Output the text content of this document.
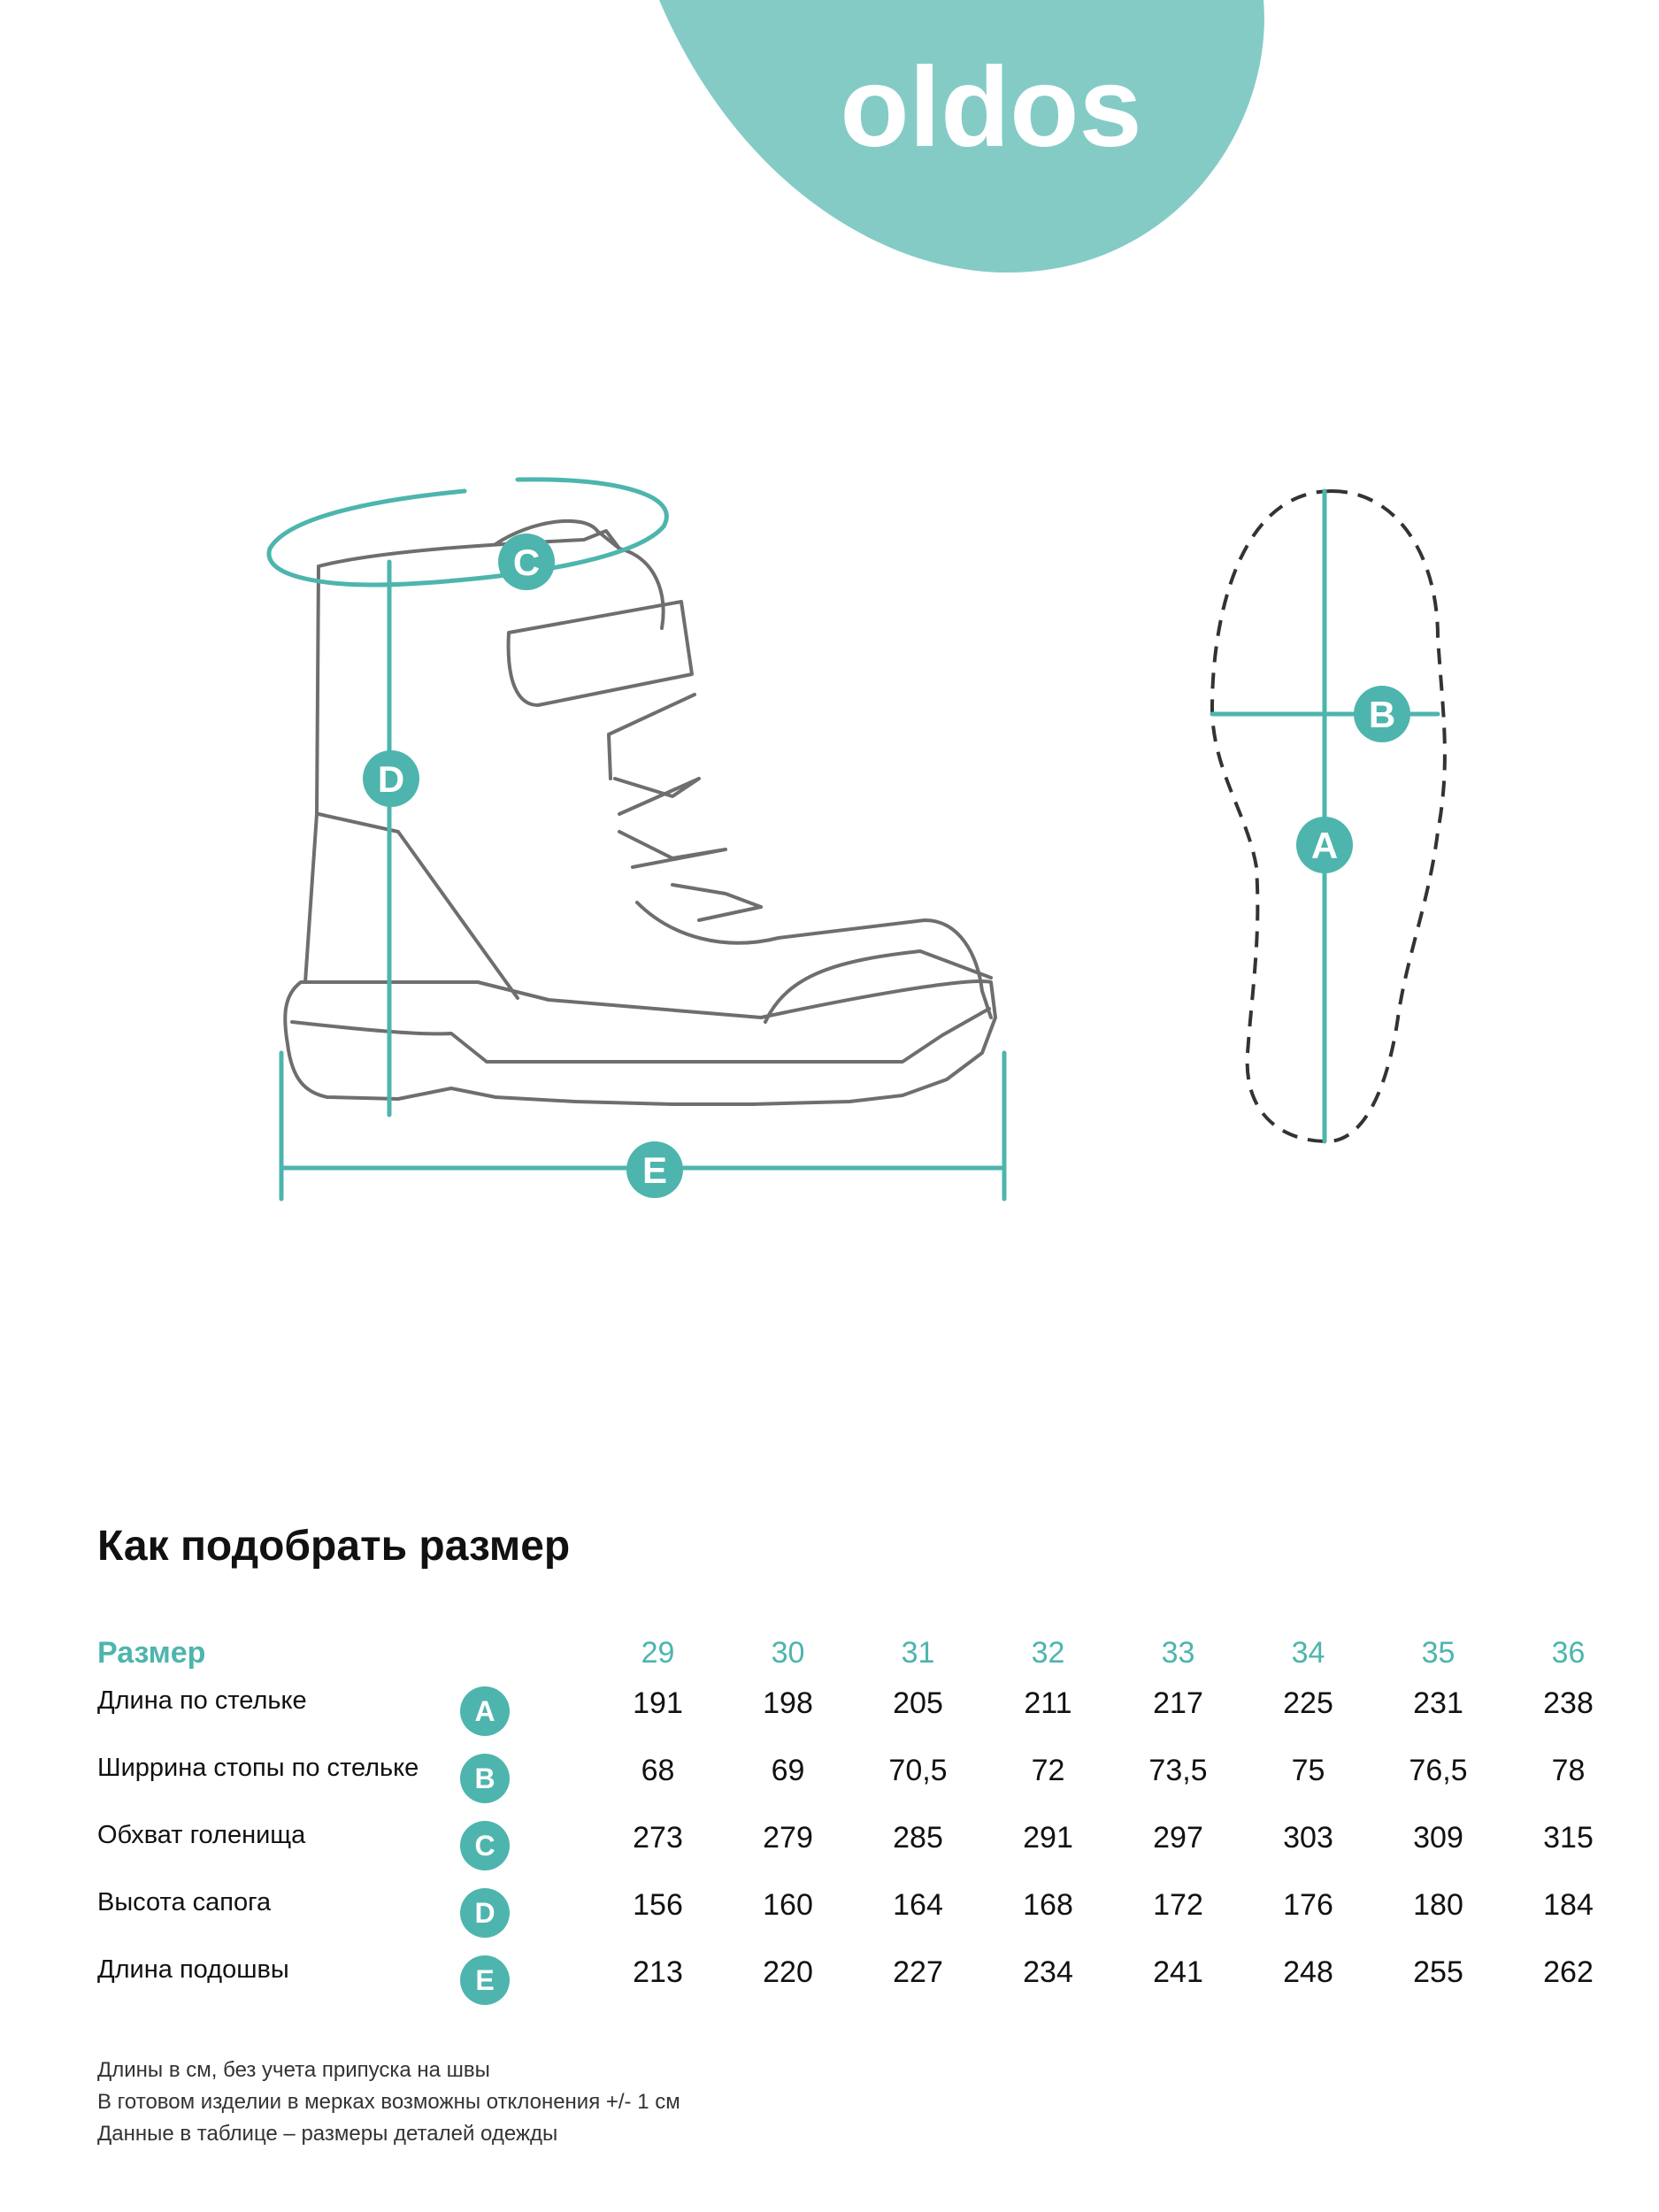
oldos
C
D
E
B
A
Как подобрать размер
Размер		29	30	31	32	33	34	35	36
Длина по стельке	A	191	198	205	211	217	225	231	238
Ширрина стопы по стельке	B	68	69	70,5	72	73,5	75	76,5	78
Обхват голенища	C	273	279	285	291	297	303	309	315
Высота сапога	D	156	160	164	168	172	176	180	184
Длина подошвы	E	213	220	227	234	241	248	255	262
Длины в см, без учета припуска на швы
В готовом изделии в мерках возможны отклонения +/- 1 см
Данные в таблице – размеры деталей одежды
